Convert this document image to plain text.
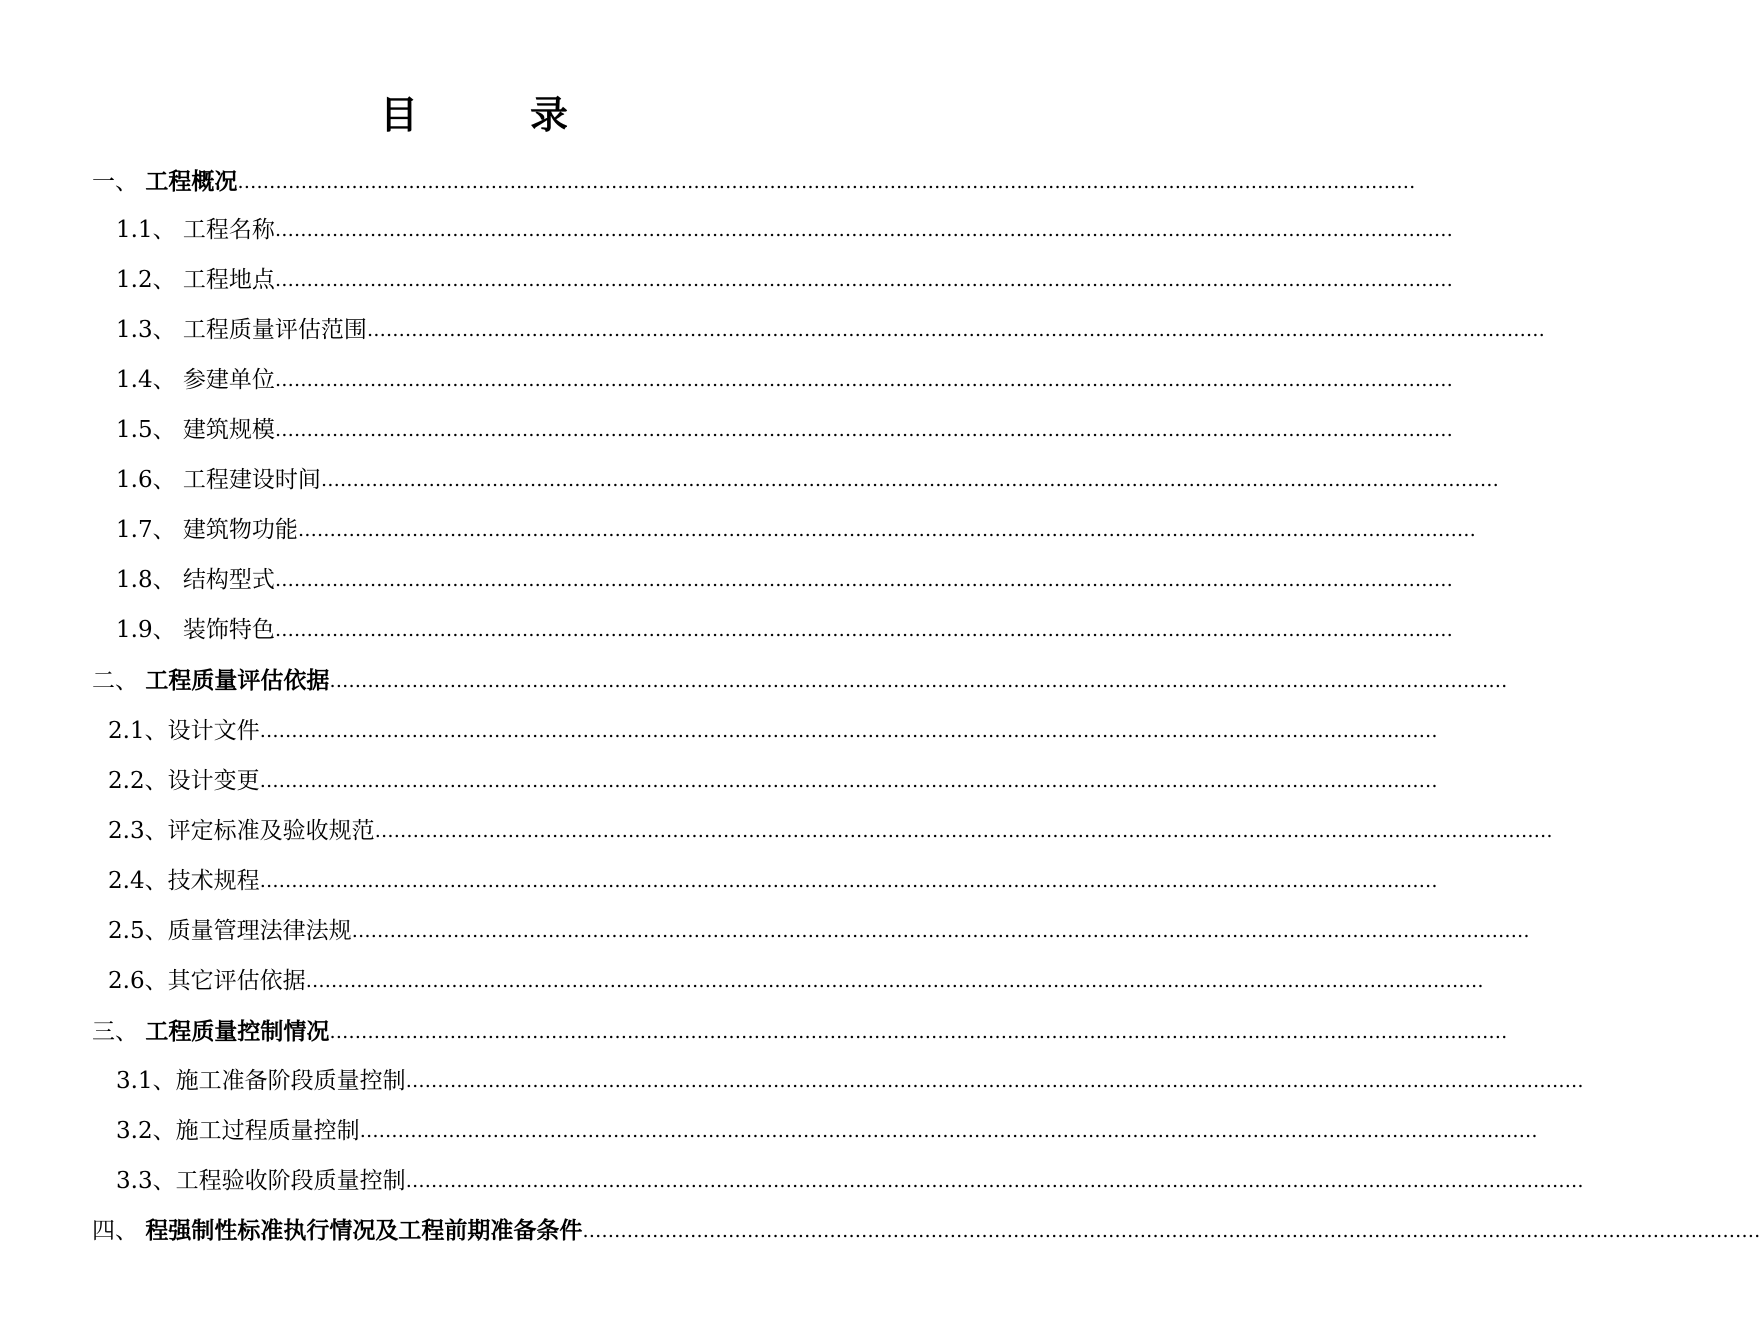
目	录
一、
工程概况 ……………………………………………………………………………………………………………………………………………………………………
1.1、
工程名称 ……………………………………………………………………………………………………………………………………………………………………
1.2、
工程地点 ……………………………………………………………………………………………………………………………………………………………………
1.3、
工程质量评估范围 ……………………………………………………………………………………………………………………………………………………………………
1.4、
参建单位 ……………………………………………………………………………………………………………………………………………………………………
1.5、
建筑规模 ……………………………………………………………………………………………………………………………………………………………………
1.6、
工程建设时间 ……………………………………………………………………………………………………………………………………………………………………
1.7、
建筑物功能 ……………………………………………………………………………………………………………………………………………………………………
1.8、
结构型式 ……………………………………………………………………………………………………………………………………………………………………
1.9、
装饰特色 ……………………………………………………………………………………………………………………………………………………………………
二、
工程质量评估依据 ……………………………………………………………………………………………………………………………………………………………………
2.1、 设计文件 ……………………………………………………………………………………………………………………………………………………………………
2.2、 设计变更 ……………………………………………………………………………………………………………………………………………………………………
2.3、 评定标准及验收规范 ……………………………………………………………………………………………………………………………………………………………………
2.4、 技术规程 ……………………………………………………………………………………………………………………………………………………………………
2.5、 质量管理法律法规 ……………………………………………………………………………………………………………………………………………………………………
2.6、 其它评估依据 ……………………………………………………………………………………………………………………………………………………………………
三、
工程质量控制情况 ……………………………………………………………………………………………………………………………………………………………………
3.1、 施工准备阶段质量控制 ……………………………………………………………………………………………………………………………………………………………………
3.2、 施工过程质量控制 ……………………………………………………………………………………………………………………………………………………………………
3.3、 工程验收阶段质量控制 ……………………………………………………………………………………………………………………………………………………………………
四、
程强制性标准执行情况及工程前期准备条件 ……………………………………………………………………………………………………………………………………………………………………
